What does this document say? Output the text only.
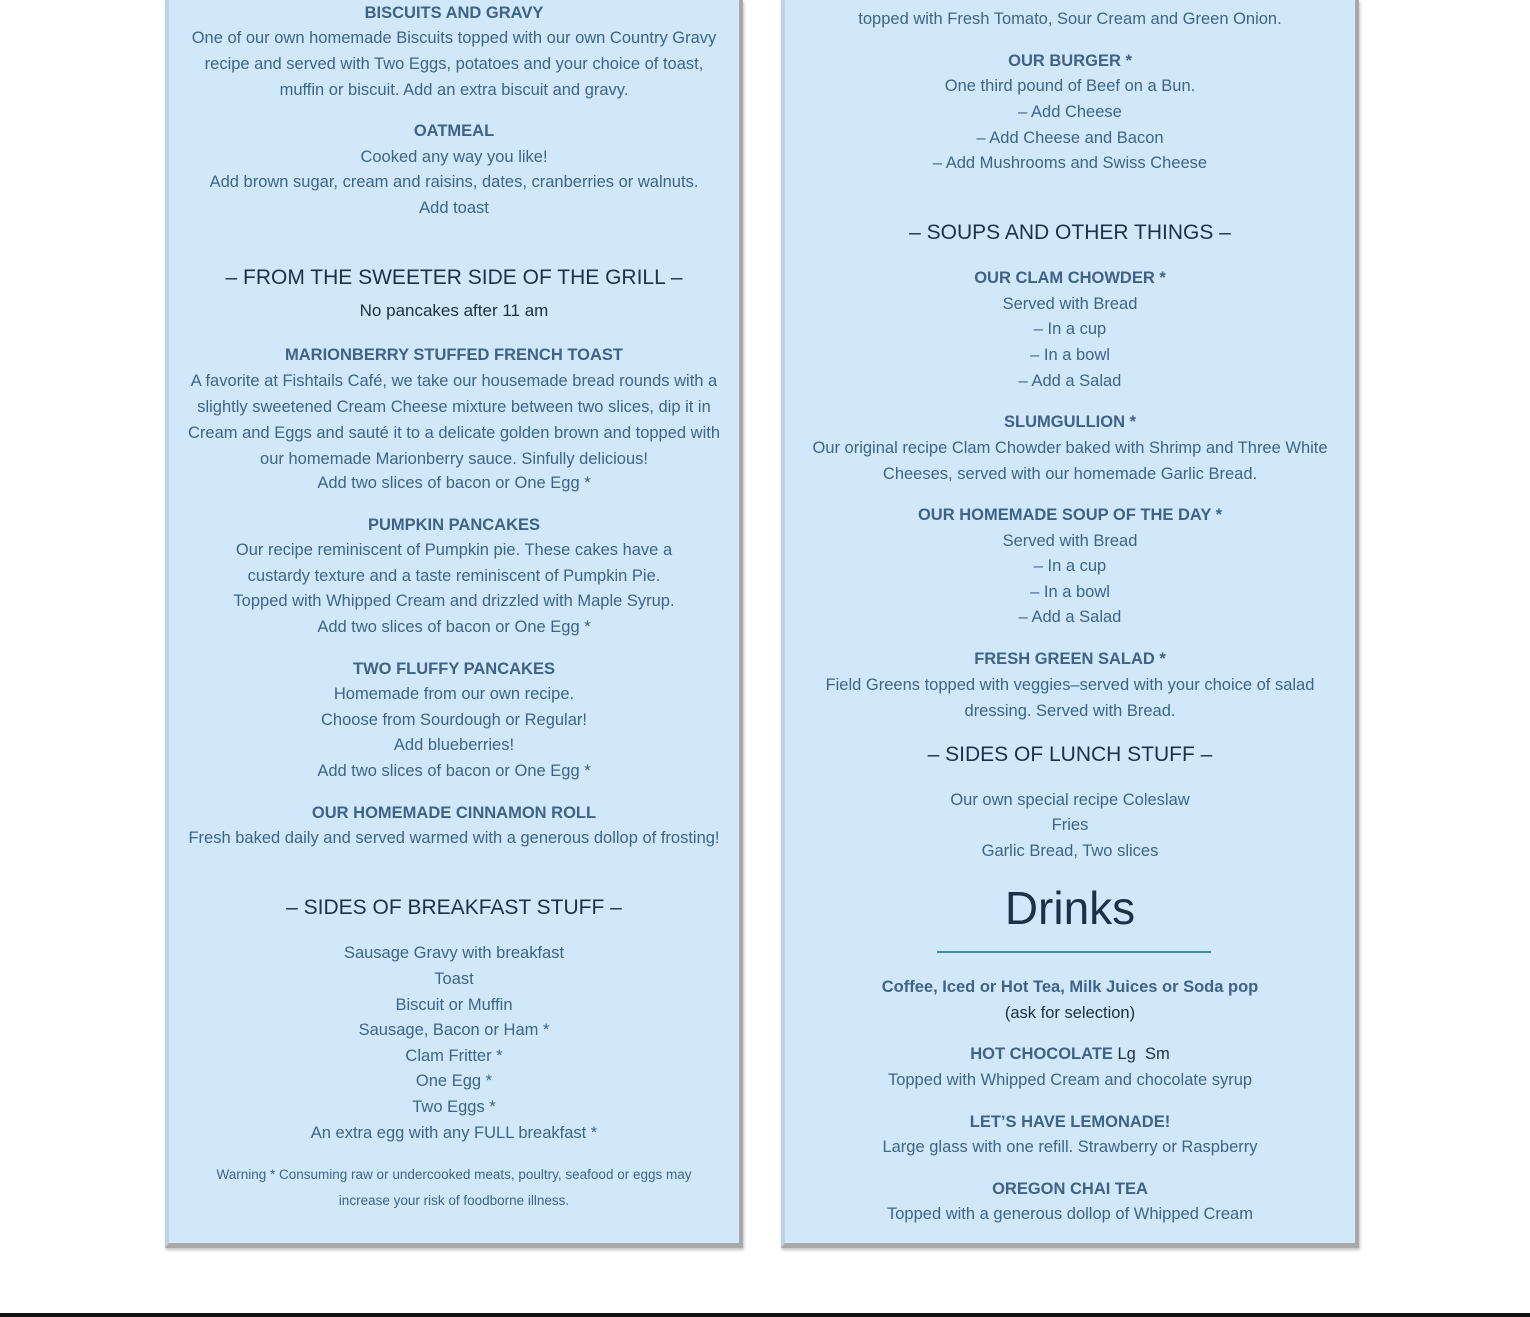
BISCUITS AND GRAVY
One of our own homemade Biscuits topped with our own Country Gravy recipe and served with Two Eggs, potatoes and your choice of toast, muffin or biscuit. Add an extra biscuit and gravy.
OATMEAL
Cooked any way you like!
Add brown sugar, cream and raisins, dates, cranberries or walnuts.
Add toast
– FROM THE SWEETER SIDE OF THE GRILL –
No pancakes after 11 am
MARIONBERRY STUFFED FRENCH TOAST
A favorite at Fishtails Café, we take our housemade bread rounds with a slightly sweetened Cream Cheese mixture between two slices, dip it in Cream and Eggs and sauté it to a delicate golden brown and topped with our homemade Marionberry sauce. Sinfully delicious!
Add two slices of bacon or One Egg *
PUMPKIN PANCAKES
Our recipe reminiscent of Pumpkin pie. These cakes have a custardy texture and a taste reminiscent of Pumpkin Pie.
Topped with Whipped Cream and drizzled with Maple Syrup.
Add two slices of bacon or One Egg *
TWO FLUFFY PANCAKES
Homemade from our own recipe.
Choose from Sourdough or Regular!
Add blueberries!
Add two slices of bacon or One Egg *
OUR HOMEMADE CINNAMON ROLL
Fresh baked daily and served warmed with a generous dollop of frosting!
– SIDES OF BREAKFAST STUFF –
Sausage Gravy with breakfast
Toast
Biscuit or Muffin
Sausage, Bacon or Ham *
Clam Fritter *
One Egg *
Two Eggs *
An extra egg with any FULL breakfast *
Warning * Consuming raw or undercooked meats, poultry, seafood or eggs may increase your risk of foodborne illness.
topped with Fresh Tomato, Sour Cream and Green Onion.
OUR BURGER *
One third pound of Beef on a Bun.
– Add Cheese
– Add Cheese and Bacon
– Add Mushrooms and Swiss Cheese
– SOUPS AND OTHER THINGS –
OUR CLAM CHOWDER *
Served with Bread
– In a cup
– In a bowl
– Add a Salad
SLUMGULLION *
Our original recipe Clam Chowder baked with Shrimp and Three White Cheeses, served with our homemade Garlic Bread.
OUR HOMEMADE SOUP OF THE DAY *
Served with Bread
– In a cup
– In a bowl
– Add a Salad
FRESH GREEN SALAD *
Field Greens topped with veggies–served with your choice of salad dressing. Served with Bread.
– SIDES OF LUNCH STUFF –
Our own special recipe Coleslaw
Fries
Garlic Bread, Two slices
Drinks
Coffee, Iced or Hot Tea, Milk Juices or Soda pop
(ask for selection)
HOT CHOCOLATE Lg  Sm
Topped with Whipped Cream and chocolate syrup
LET’S HAVE LEMONADE!
Large glass with one refill. Strawberry or Raspberry
OREGON CHAI TEA
Topped with a generous dollop of Whipped Cream
